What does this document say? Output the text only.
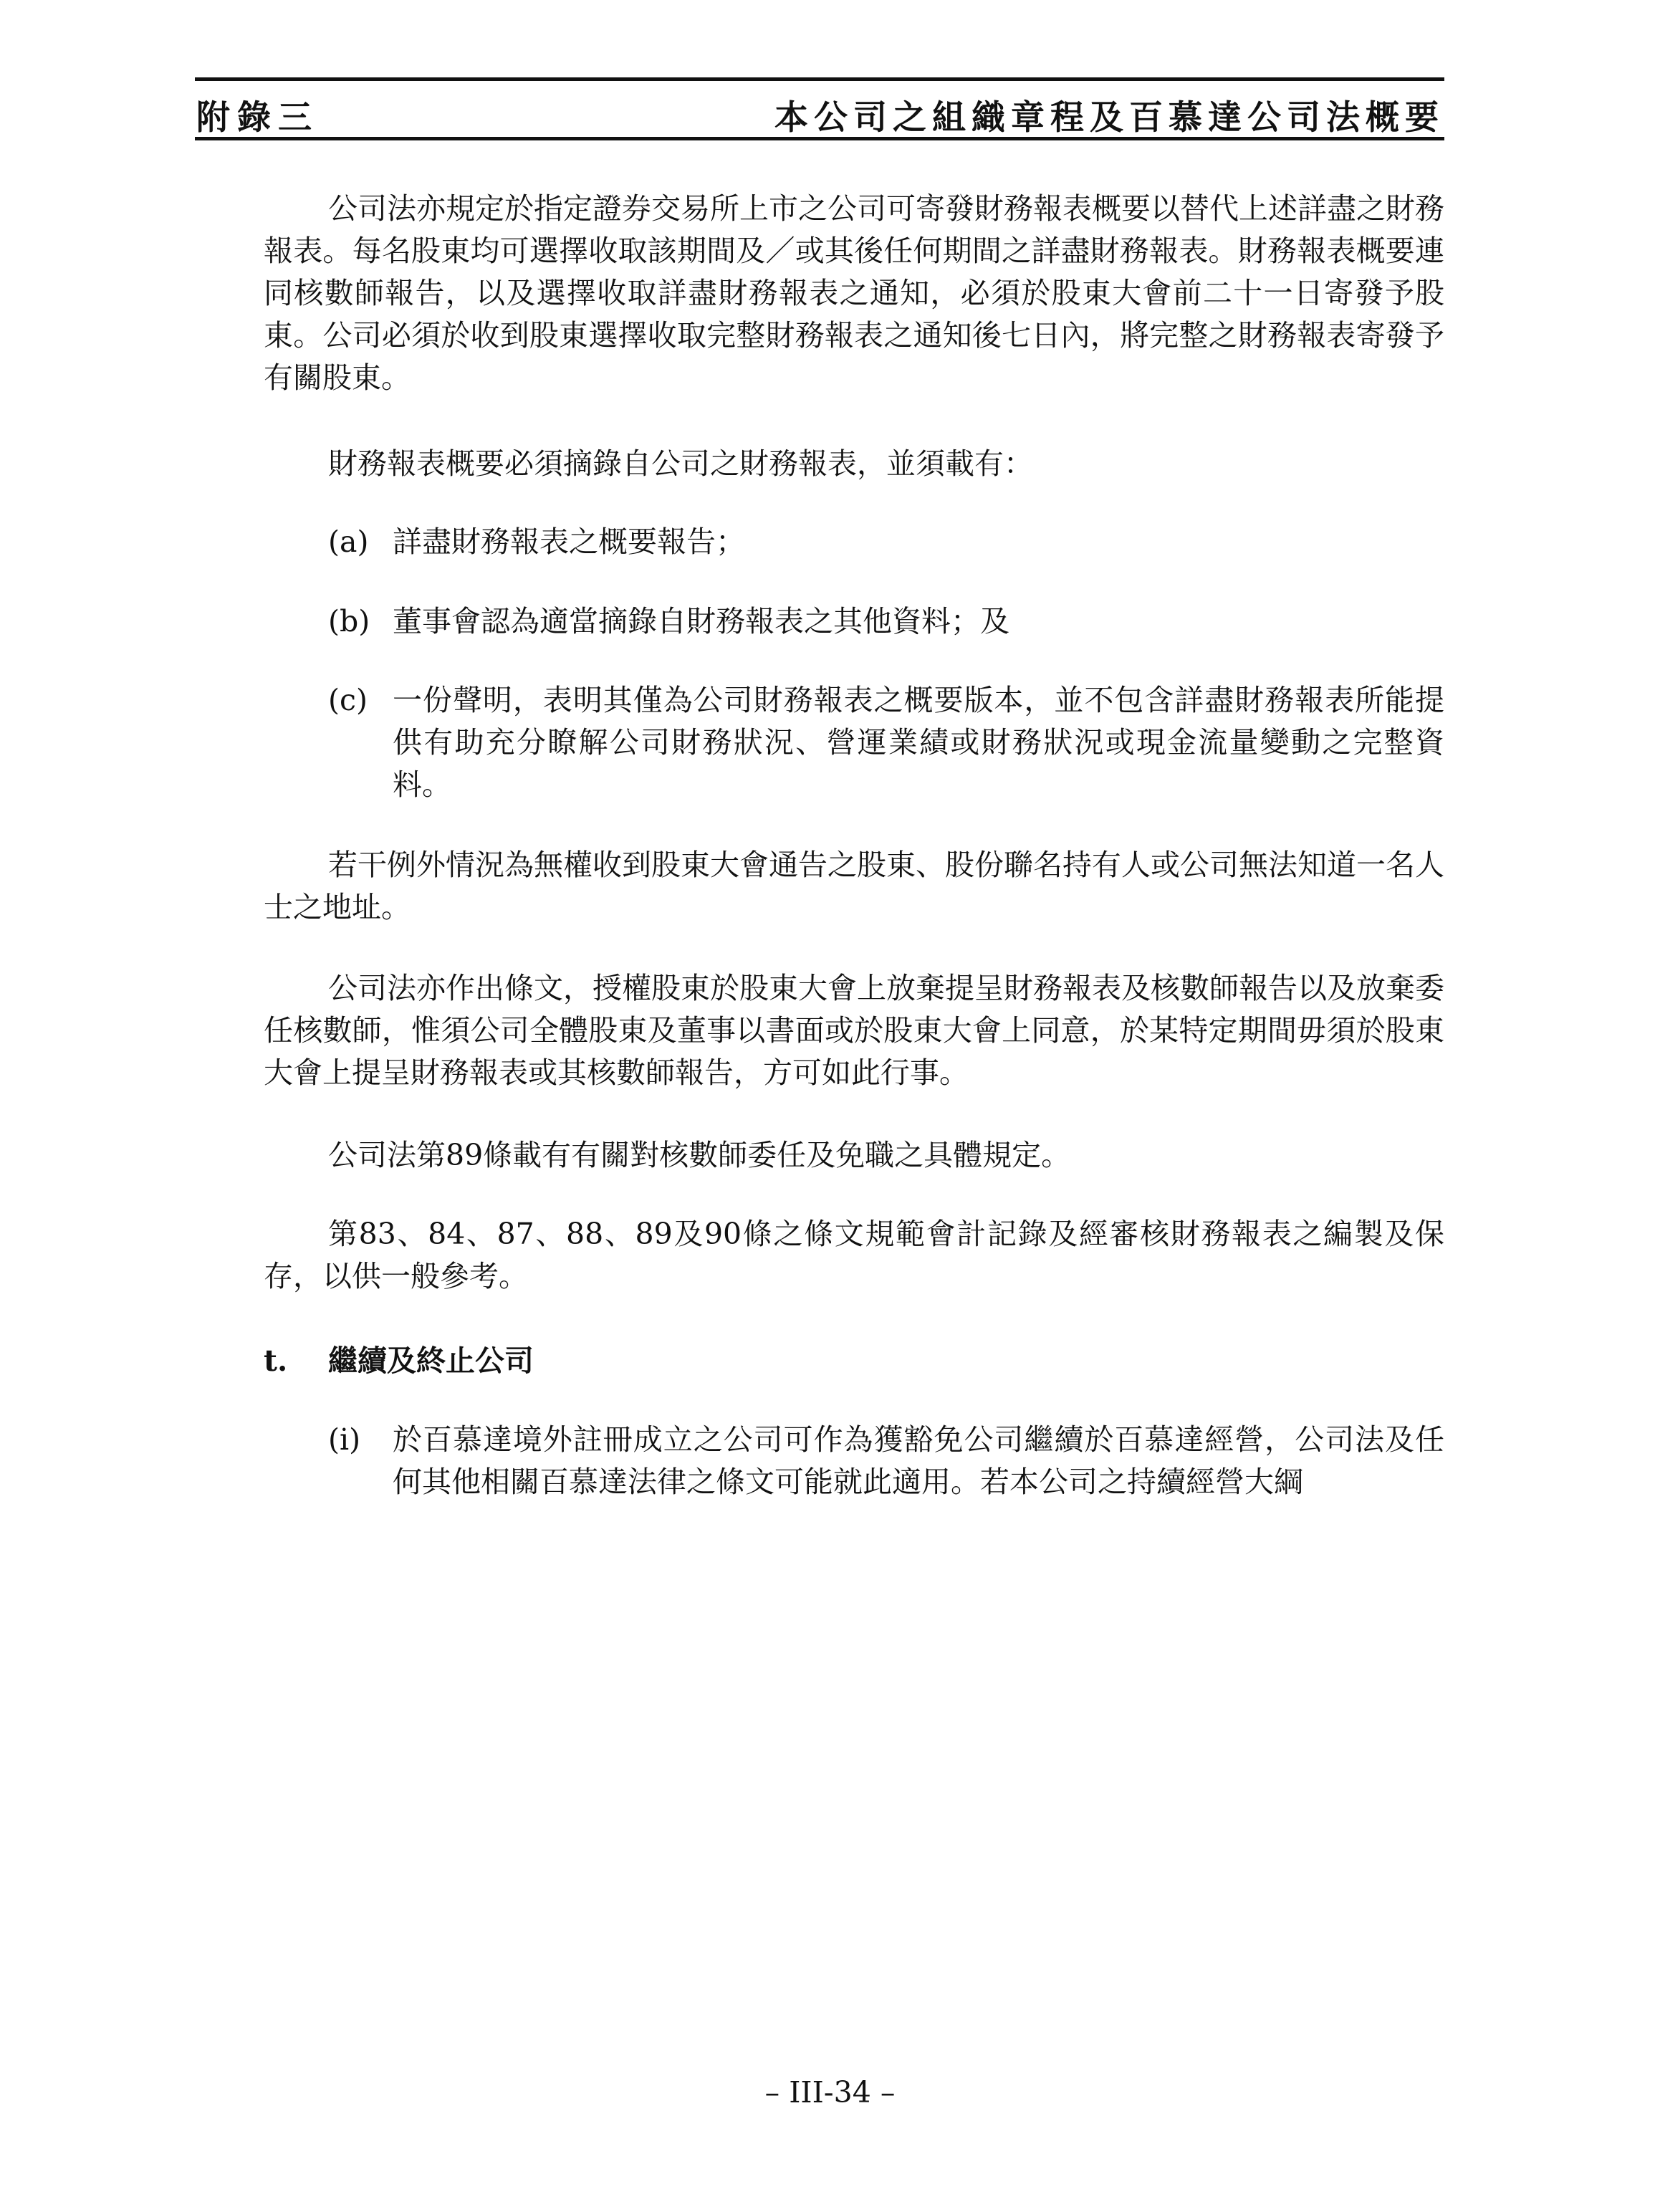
附錄三	本公司之組織章程及百慕達公司法概要

公司法亦規定於指定證券交易所上市之公司可寄發財務報表概要以替代上述詳盡之財務報表。每名股東均可選擇收取該期間及／或其後任何期間之詳盡財務報表。財務報表概要連同核數師報告，以及選擇收取詳盡財務報表之通知，必須於股東大會前二十一日寄發予股東。公司必須於收到股東選擇收取完整財務報表之通知後七日內，將完整之財務報表寄發予有關股東。

財務報表概要必須摘錄自公司之財務報表，並須載有：

(a) 詳盡財務報表之概要報告；
(b) 董事會認為適當摘錄自財務報表之其他資料；及
(c) 一份聲明，表明其僅為公司財務報表之概要版本，並不包含詳盡財務報表所能提供有助充分瞭解公司財務狀況、營運業績或財務狀況或現金流量變動之完整資料。

若干例外情況為無權收到股東大會通告之股東、股份聯名持有人或公司無法知道一名人士之地址。

公司法亦作出條文，授權股東於股東大會上放棄提呈財務報表及核數師報告以及放棄委任核數師，惟須公司全體股東及董事以書面或於股東大會上同意，於某特定期間毋須於股東大會上提呈財務報表或其核數師報告，方可如此行事。

公司法第89條載有有關對核數師委任及免職之具體規定。

第83、84、87、88、89及90條之條文規範會計記錄及經審核財務報表之編製及保存，以供一般參考。

t. 繼續及終止公司
(i)	於百慕達境外註冊成立之公司可作為獲豁免公司繼續於百慕達經營，公司法及任何其他相關百慕達法律之條文可能就此適用。若本公司之持續經營大綱
– III-34 –
